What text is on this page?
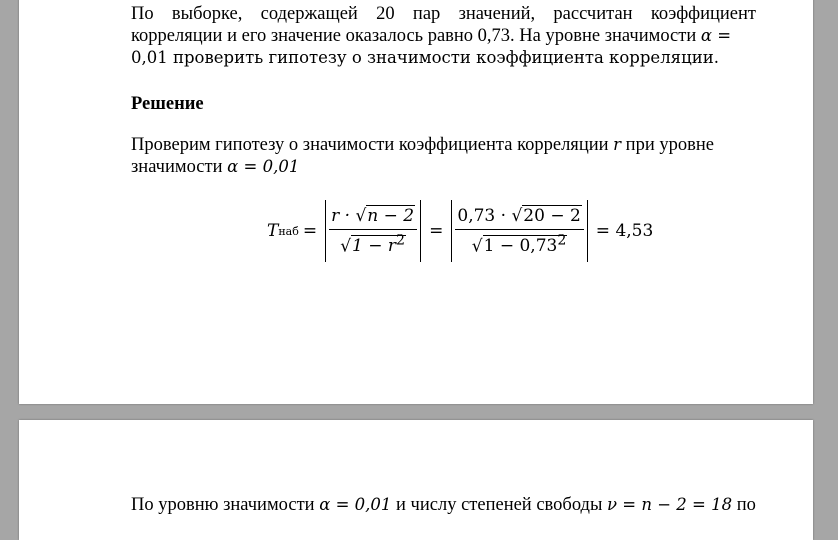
По выборке, содержащей 20 пар значений, рассчитан коэффициент корреляции и его значение оказалось равно 0,73. На уровне значимости α =
0,01 проверить гипотезу о значимости коэффициента корреляции.

Решение

Проверим гипотезу о значимости коэффициента корреляции r при уровне
значимости α = 0,01

T наб = $\frac{r \cdot √n - 2}{√1 - r^2} = \frac{0,73 \cdot √20 - 2}{√1 - 0,73^2} = 4,53$

По уровню значимости α = 0,01 и числу степеней свободы ν = n − 2 = 18 по
